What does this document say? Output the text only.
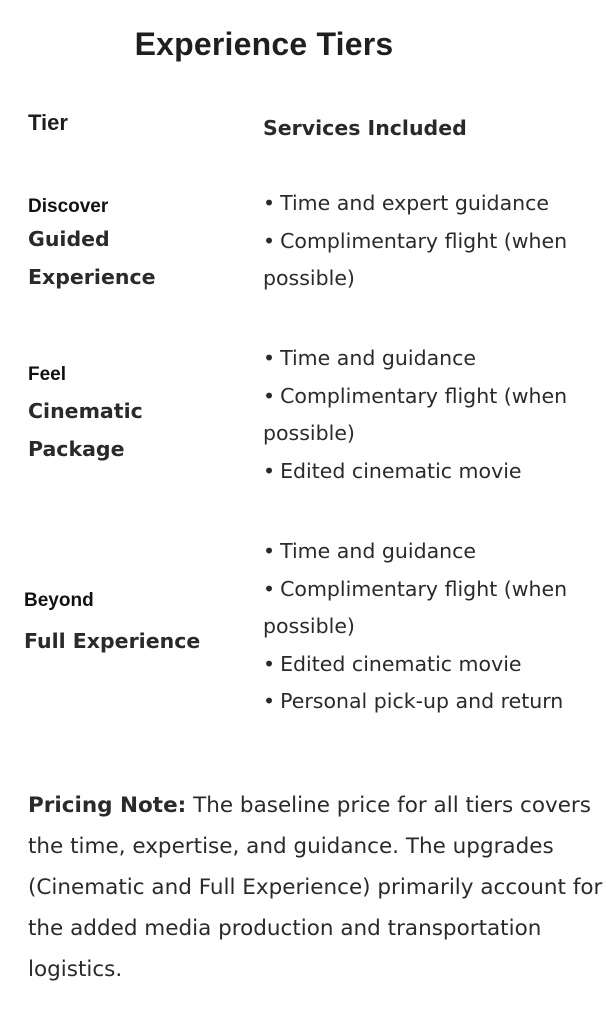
Experience Tiers
Tier	Services Included
Discover
Guided
Experience
• Time and expert guidance
• Complimentary flight (when
possible)
Feel
Cinematic
Package
• Time and guidance
• Complimentary flight (when
possible)
• Edited cinematic movie
Beyond
Full Experience
• Time and guidance
• Complimentary flight (when
possible)
• Edited cinematic movie
• Personal pick-up and return

Pricing Note: The baseline price for all tiers covers the time, expertise, and guidance. The upgrades (Cinematic and Full Experience) primarily account for the added media production and transportation logistics.
